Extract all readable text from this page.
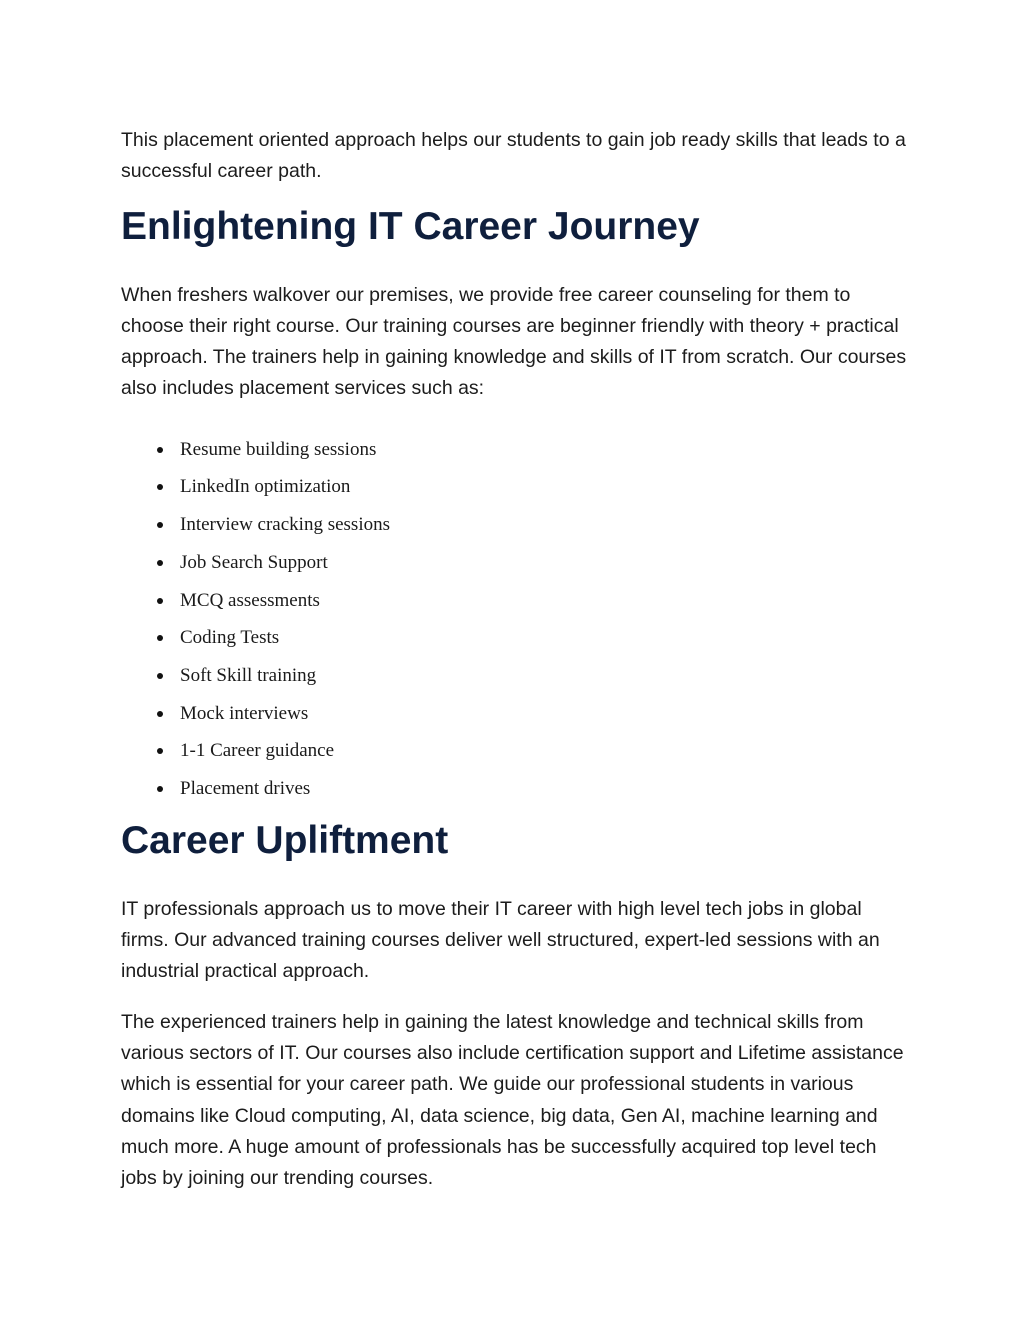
This placement oriented approach helps our students to gain job ready skills that leads to a successful career path.

Enlightening IT Career Journey

When freshers walkover our premises, we provide free career counseling for them to choose their right course. Our training courses are beginner friendly with theory + practical approach. The trainers help in gaining knowledge and skills of IT from scratch. Our courses also includes placement services such as:

Resume building sessions
LinkedIn optimization
Interview cracking sessions
Job Search Support
MCQ assessments
Coding Tests
Soft Skill training
Mock interviews
1-1 Career guidance
Placement drives
Career Upliftment

IT professionals approach us to move their IT career with high level tech jobs in global firms. Our advanced training courses deliver well structured, expert-led sessions with an industrial practical approach.

The experienced trainers help in gaining the latest knowledge and technical skills from various sectors of IT. Our courses also include certification support and Lifetime assistance which is essential for your career path. We guide our professional students in various domains like Cloud computing, AI, data science, big data, Gen AI, machine learning and much more. A huge amount of professionals has be successfully acquired top level tech jobs by joining our trending courses.
